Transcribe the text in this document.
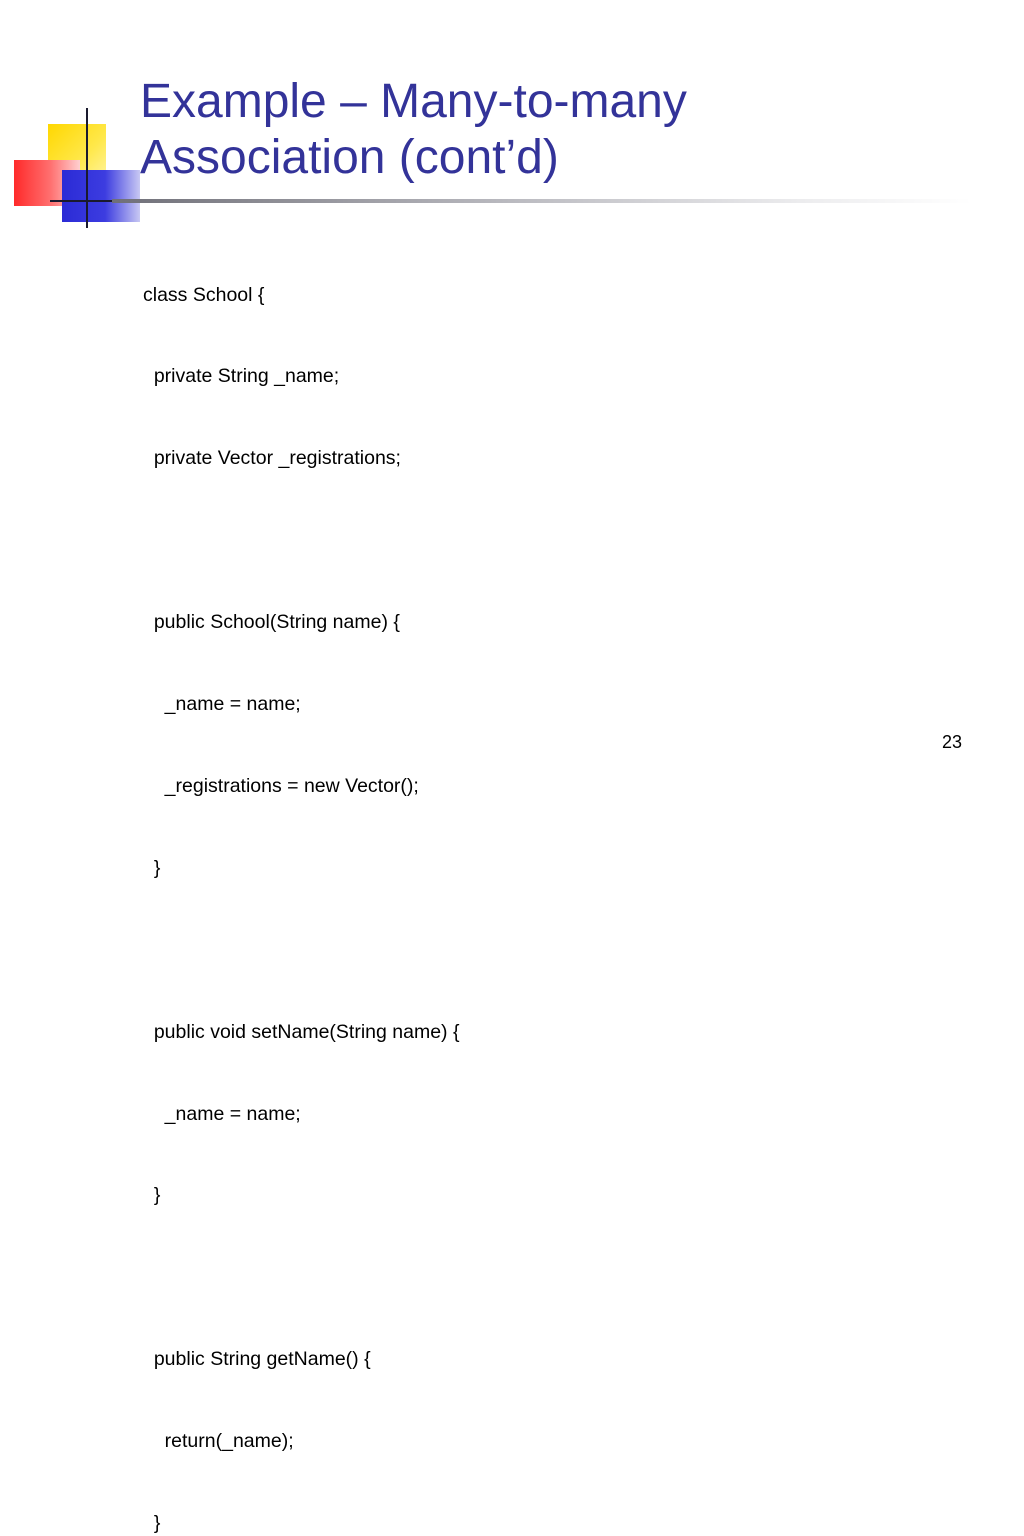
Example – Many-to-many
Association (cont’d)

class School {

private String _name;

private Vector _registrations;

public School(String name) {

_name = name;

_registrations = new Vector();

}

public void setName(String name) {

_name = name;

}

public String getName() {

return(_name);

}

23
